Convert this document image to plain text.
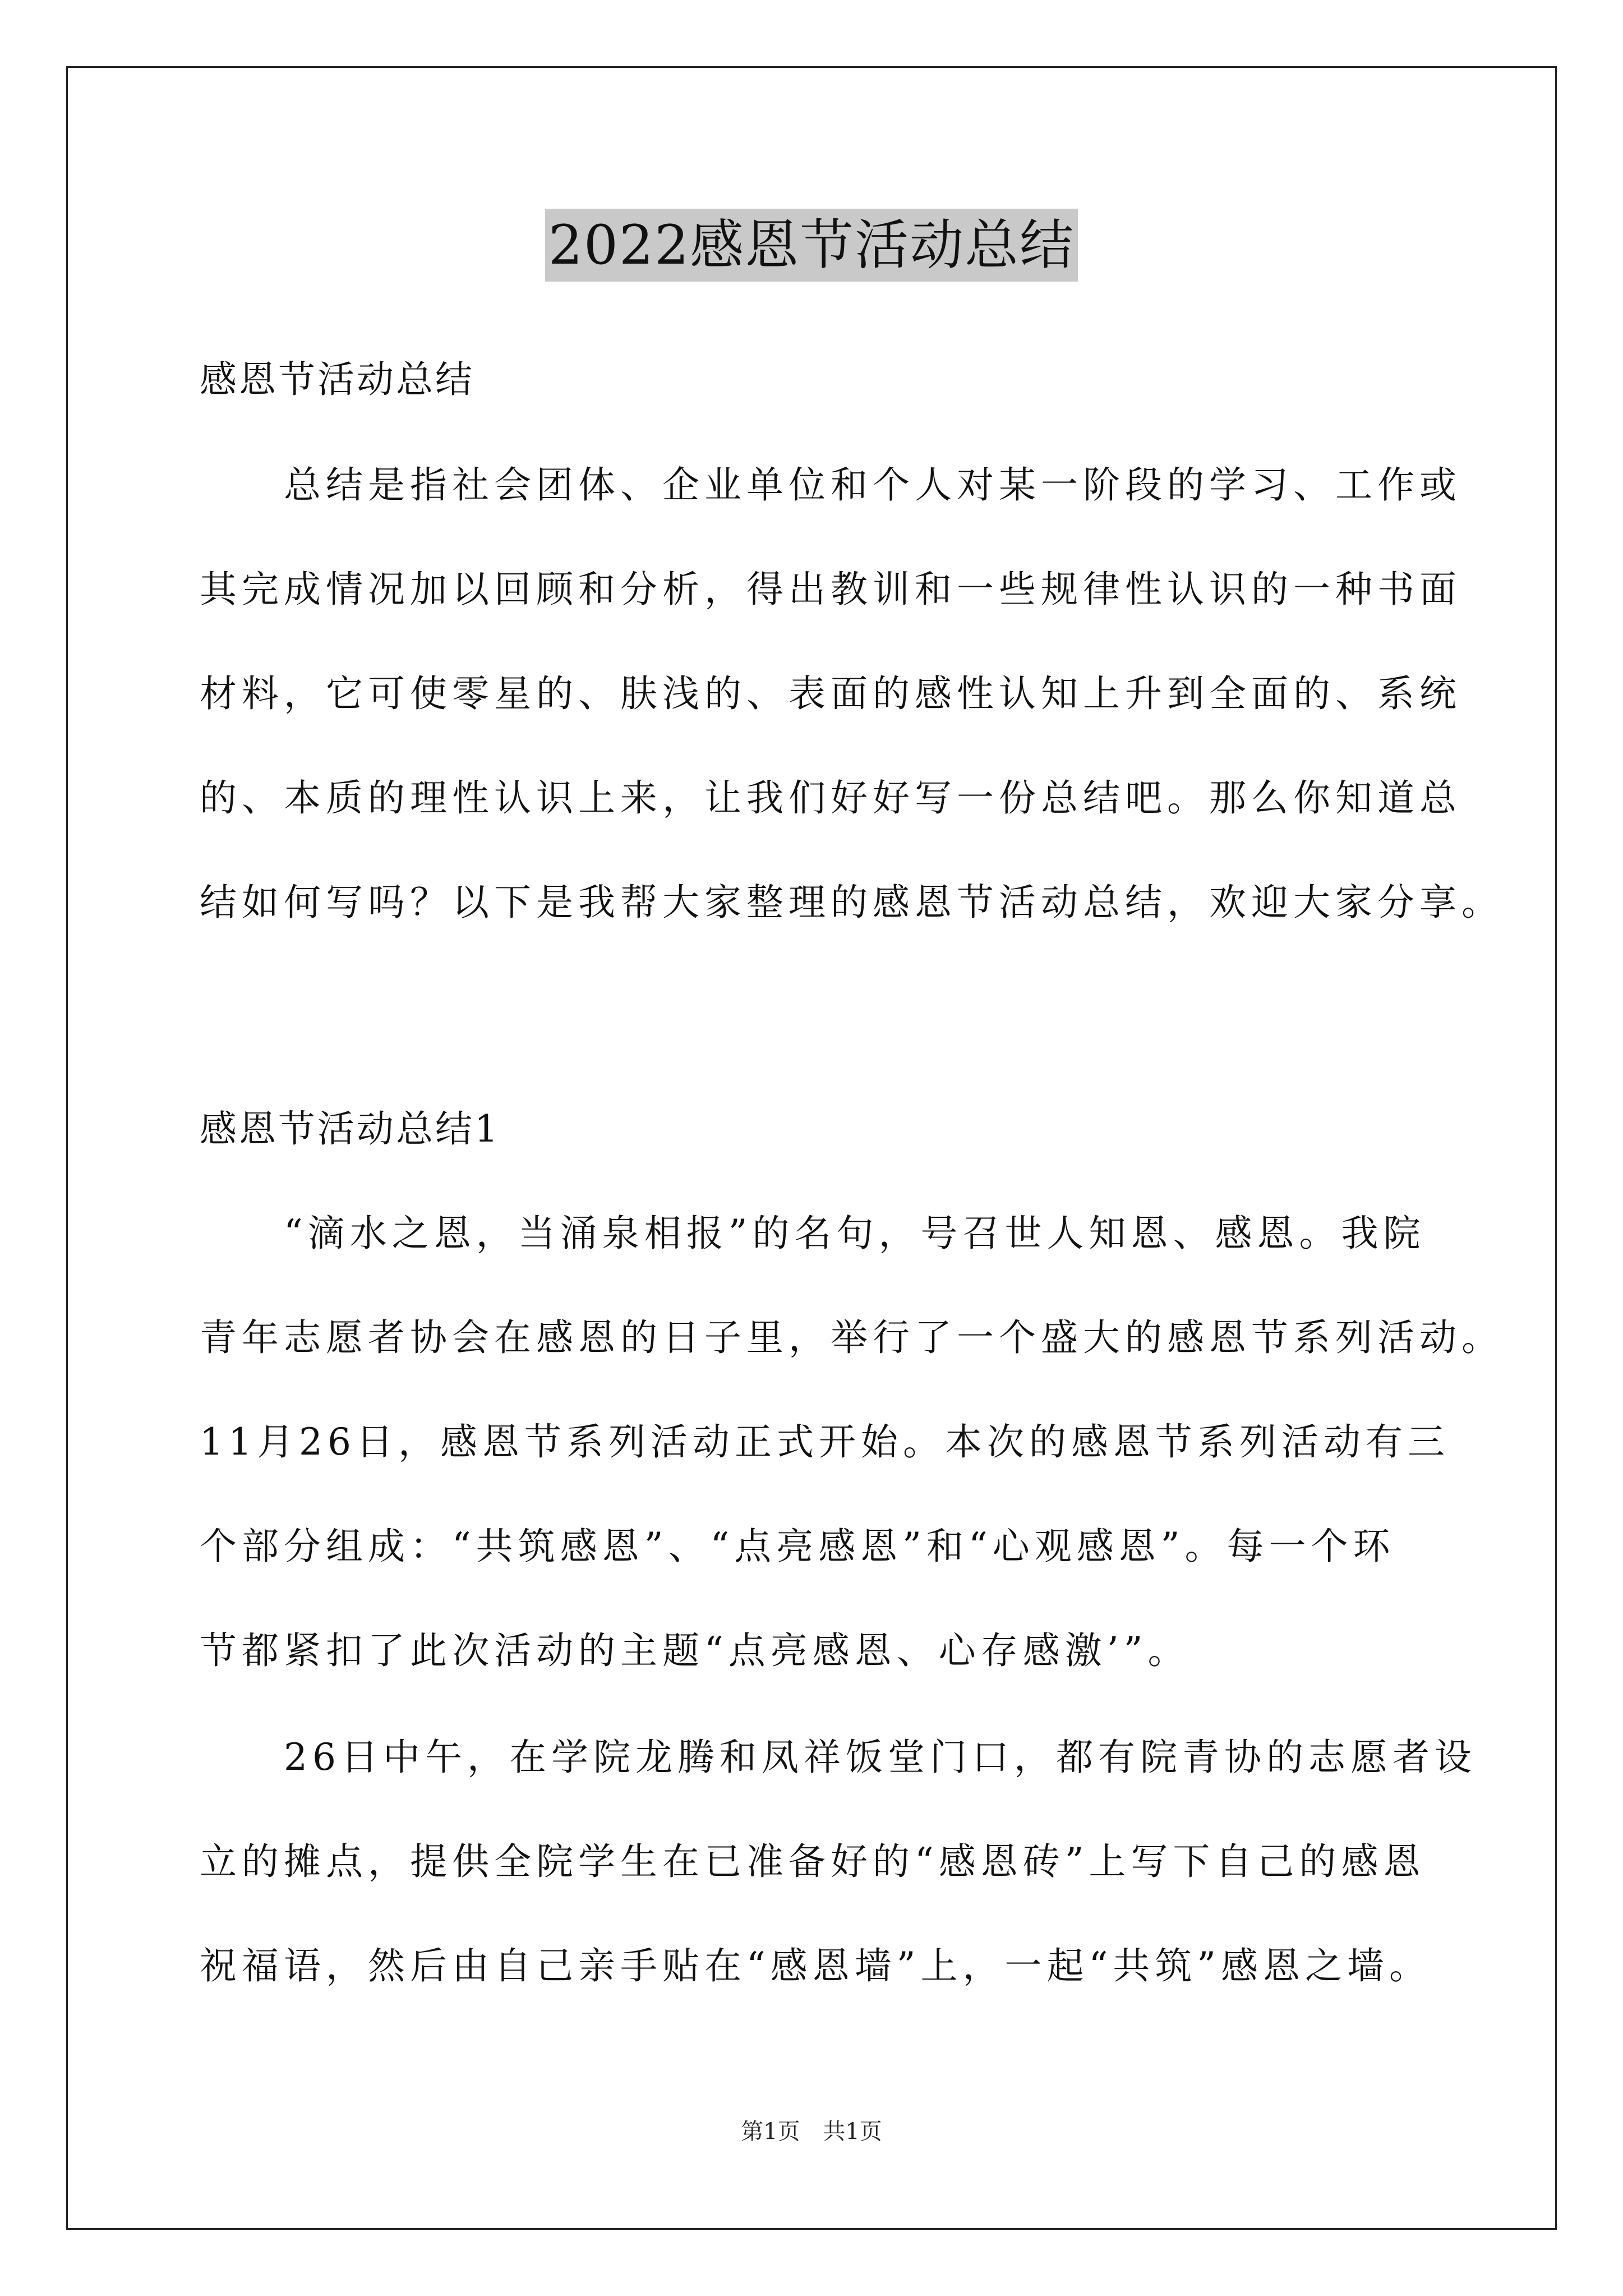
2022感恩节活动总结
感恩节活动总结

　　总结是指社会团体、企业单位和个人对某一阶段的学习、工作或
其完成情况加以回顾和分析，得出教训和一些规律性认识的一种书面
材料，它可使零星的、肤浅的、表面的感性认知上升到全面的、系统
的、本质的理性认识上来，让我们好好写一份总结吧。那么你知道总
结如何写吗？以下是我帮大家整理的感恩节活动总结，欢迎大家分享。

感恩节活动总结1

　　“滴水之恩，当涌泉相报”的名句，号召世人知恩、感恩。我院
青年志愿者协会在感恩的日子里，举行了一个盛大的感恩节系列活动。
11月26日，感恩节系列活动正式开始。本次的感恩节系列活动有三
个部分组成：“共筑感恩”、“点亮感恩”和“心观感恩”。每一个环
节都紧扣了此次活动的主题“点亮感恩、心存感激’”。

　　26日中午，在学院龙腾和凤祥饭堂门口，都有院青协的志愿者设
立的摊点，提供全院学生在已准备好的“感恩砖”上写下自己的感恩
祝福语，然后由自己亲手贴在“感恩墙”上，一起“共筑”感恩之墙。

第1页 共1页
